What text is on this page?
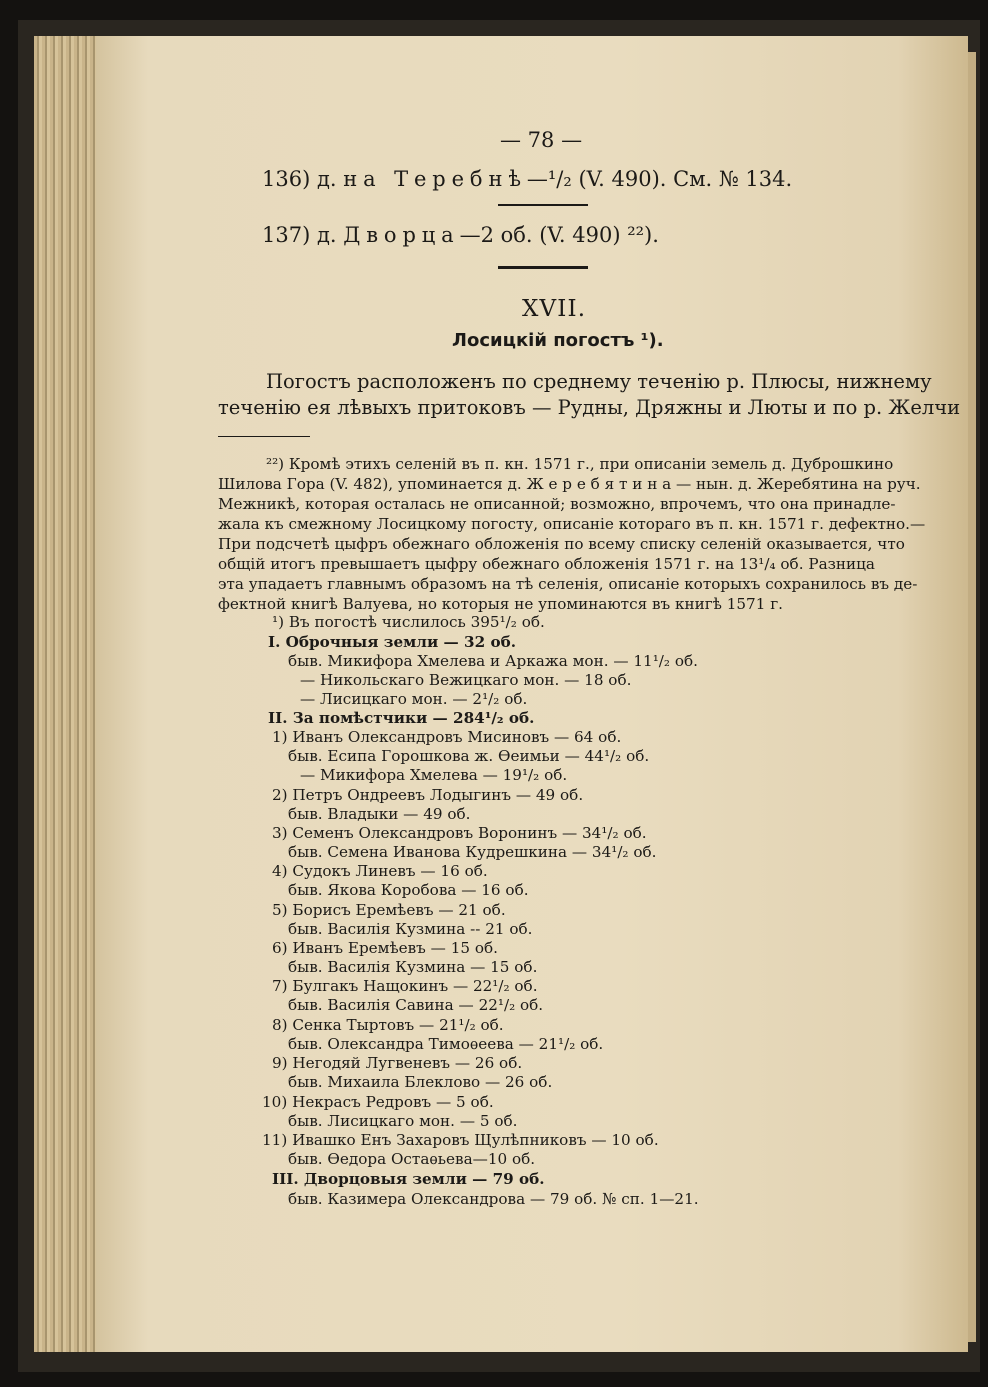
— 78 —
136) д. на Теребнѣ—¹/₂ (V. 490). См. № 134.
137) д. Дворца—2 об. (V. 490) ²²).
XVII.
Лосицкій погостъ ¹).
Погостъ расположенъ по среднему теченію р. Плюсы, нижнему
теченію ея лѣвыхъ притоковъ — Рудны, Дряжны и Люты и по р. Желчи
²²) Кромѣ этихъ селеній въ п. кн. 1571 г., при описаніи земель д. Дуброшкино
Шилова Гора (V. 482), упоминается д. Ж е р е б я т и н а — нын. д. Жеребятина на руч.
Межникѣ, которая осталась не описанной; возможно, впрочемъ, что она принадле-
жала къ смежному Лосицкому погосту, описаніе котораго въ п. кн. 1571 г. дефектно.—
При подсчетѣ цыфръ обежнаго обложенія по всему списку селеній оказывается, что
общій итогъ превышаетъ цыфру обежнаго обложенія 1571 г. на 13¹/₄ об. Разница
эта упадаетъ главнымъ образомъ на тѣ селенія, описаніе которыхъ сохранилось въ де-
фектной книгѣ Валуева, но которыя не упоминаются въ книгѣ 1571 г.
¹) Въ погостѣ числилось 395¹/₂ об.
I. Оброчныя земли — 32 об.
быв. Микифора Хмелева и Аркажа мон. — 11¹/₂ об.
— Никольскаго Вежицкаго мон. — 18 об.
— Лисицкаго мон. — 2¹/₂ об.
II. За помѣстчики — 284¹/₂ об.
1) Иванъ Олександровъ Мисиновъ — 64 об.
быв. Есипа Горошкова ж. Ѳеимьи — 44¹/₂ об.
— Микифора Хмелева — 19¹/₂ об.
2) Петръ Ондреевъ Лодыгинъ — 49 об.
быв. Владыки — 49 об.
3) Семенъ Олександровъ Воронинъ — 34¹/₂ об.
быв. Семена Иванова Кудрешкина — 34¹/₂ об.
4) Судокъ Линевъ — 16 об.
быв. Якова Коробова — 16 об.
5) Борисъ Еремѣевъ — 21 об.
быв. Василія Кузмина -- 21 об.
6) Иванъ Еремѣевъ — 15 об.
быв. Василія Кузмина — 15 об.
7) Булгакъ Нащокинъ — 22¹/₂ об.
быв. Василія Савина — 22¹/₂ об.
8) Сенка Тыртовъ — 21¹/₂ об.
быв. Олександра Тимоѳеева — 21¹/₂ об.
9) Негодяй Лугвеневъ — 26 об.
быв. Михаила Блеклово — 26 об.
10) Некрасъ Редровъ — 5 об.
быв. Лисицкаго мон. — 5 об.
11) Ивашко Енъ Захаровъ Щулѣпниковъ — 10 об.
быв. Ѳедора Остаѳьева—10 об.
III. Дворцовыя земли — 79 об.
быв. Казимера Олександрова — 79 об. № сп. 1—21.
